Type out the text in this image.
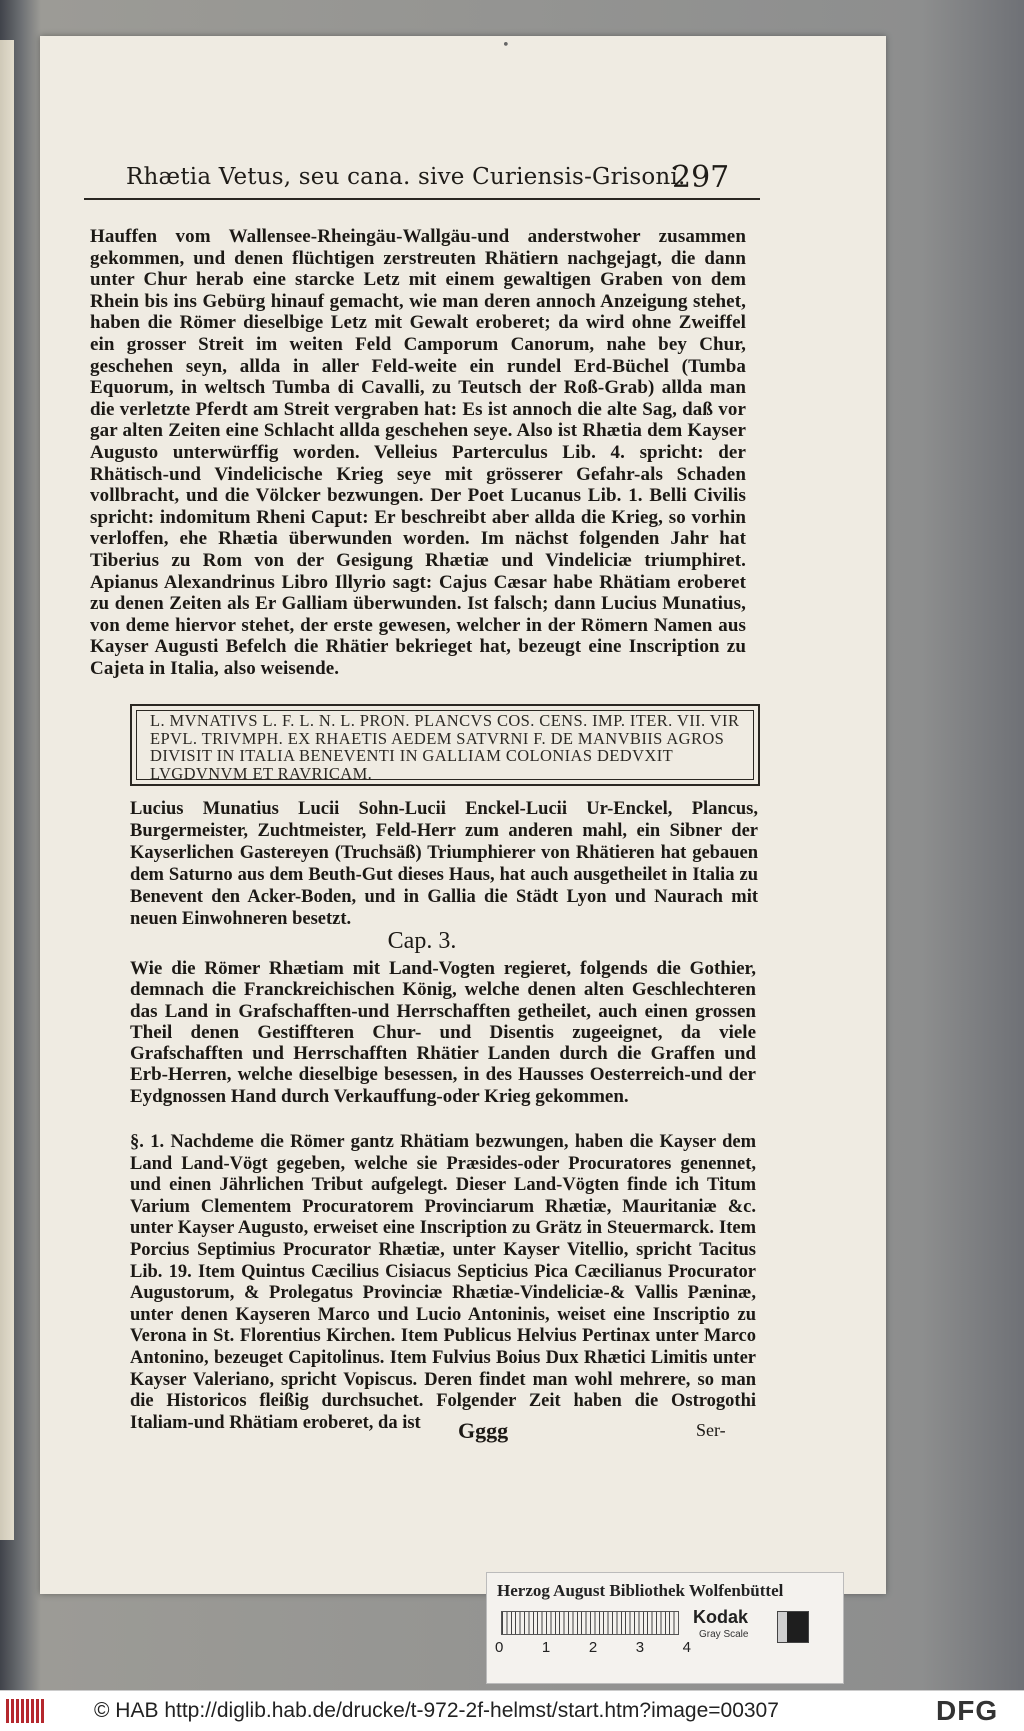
•
Rhætia Vetus, seu cana. sive Curiensis-Grisoni.
297
Hauffen vom Wallensee-Rheingäu-Wallgäu-und anderstwoher zusammen gekommen, und denen flüchtigen zerstreuten Rhätiern nachgejagt, die dann unter Chur herab eine starcke Letz mit einem gewaltigen Graben von dem Rhein bis ins Gebürg hinauf gemacht, wie man deren annoch Anzeigung stehet, haben die Römer dieselbige Letz mit Gewalt eroberet; da wird ohne Zweiffel ein grosser Streit im weiten Feld Camporum Canorum, nahe bey Chur, geschehen seyn, allda in aller Feld-weite ein rundel Erd-Büchel (Tumba Equorum, in weltsch Tumba di Cavalli, zu Teutsch der Roß-Grab) allda man die verletzte Pferdt am Streit vergraben hat: Es ist annoch die alte Sag, daß vor gar alten Zeiten eine Schlacht allda geschehen seye. Also ist Rhætia dem Kayser Augusto unterwürffig worden. Velleius Parterculus Lib. 4. spricht: der Rhätisch-und Vindelicische Krieg seye mit grösserer Gefahr-als Schaden vollbracht, und die Völcker bezwungen. Der Poet Lucanus Lib. 1. Belli Civilis spricht: indomitum Rheni Caput: Er beschreibt aber allda die Krieg, so vorhin verloffen, ehe Rhætia überwunden worden. Im nächst folgenden Jahr hat Tiberius zu Rom von der Gesigung Rhætiæ und Vindeliciæ triumphiret. Apianus Alexandrinus Libro Illyrio sagt: Cajus Cæsar habe Rhätiam eroberet zu denen Zeiten als Er Galliam überwunden. Ist falsch; dann Lucius Munatius, von deme hiervor stehet, der erste gewesen, welcher in der Römern Namen aus Kayser Augusti Befelch die Rhätier bekrieget hat, bezeugt eine Inscription zu Cajeta in Italia, also weisende.
L. MVNATIVS L. F. L. N. L. PRON. PLANCVS COS. CENS. IMP. ITER. VII. VIR EPVL. TRIVMPH. EX RHAETIS AEDEM SATVRNI F. DE MANVBIIS AGROS DIVISIT IN ITALIA BENEVENTI IN GALLIAM COLONIAS DEDVXIT LVGDVNVM ET RAVRICAM.
Lucius Munatius Lucii Sohn-Lucii Enckel-Lucii Ur-Enckel, Plancus, Burgermeister, Zuchtmeister, Feld-Herr zum anderen mahl, ein Sibner der Kayserlichen Gastereyen (Truchsäß) Triumphierer von Rhätieren hat gebauen dem Saturno aus dem Beuth-Gut dieses Haus, hat auch ausgetheilet in Italia zu Benevent den Acker-Boden, und in Gallia die Städt Lyon und Naurach mit neuen Einwohneren besetzt.
Cap. 3.
Wie die Römer Rhætiam mit Land-Vogten regieret, folgends die Gothier, demnach die Franckreichischen König, welche denen alten Geschlechteren das Land in Grafschafften-und Herrschafften getheilet, auch einen grossen Theil denen Gestiffteren Chur- und Disentis zugeeignet, da viele Grafschafften und Herrschafften Rhätier Landen durch die Graffen und Erb-Herren, welche dieselbige besessen, in des Hausses Oesterreich-und der Eydgnossen Hand durch Verkauffung-oder Krieg gekommen.
§. 1. Nachdeme die Römer gantz Rhätiam bezwungen, haben die Kayser dem Land Land-Vögt gegeben, welche sie Præsides-oder Procuratores genennet, und einen Jährlichen Tribut aufgelegt. Dieser Land-Vögten finde ich Titum Varium Clementem Procuratorem Provinciarum Rhætiæ, Mauritaniæ &c. unter Kayser Augusto, erweiset eine Inscription zu Grätz in Steuermarck. Item Porcius Septimius Procurator Rhætiæ, unter Kayser Vitellio, spricht Tacitus Lib. 19. Item Quintus Cæcilius Cisiacus Septicius Pica Cæcilianus Procurator Augustorum, & Prolegatus Provinciæ Rhætiæ-Vindeliciæ-& Vallis Pæninæ, unter denen Kayseren Marco und Lucio Antoninis, weiset eine Inscriptio zu Verona in St. Florentius Kirchen. Item Publicus Helvius Pertinax unter Marco Antonino, bezeuget Capitolinus. Item Fulvius Boius Dux Rhætici Limitis unter Kayser Valeriano, spricht Vopiscus. Deren findet man wohl mehrere, so man die Historicos fleißig durchsuchet. Folgender Zeit haben die Ostrogothi Italiam-und Rhätiam eroberet, da ist	Gggg	Ser-
Herzog August Bibliothek Wolfenbüttel
0	1	2	3	4
Kodak
Gray Scale
© HAB http://diglib.hab.de/drucke/t-972-2f-helmst/start.htm?image=00307	DFG
